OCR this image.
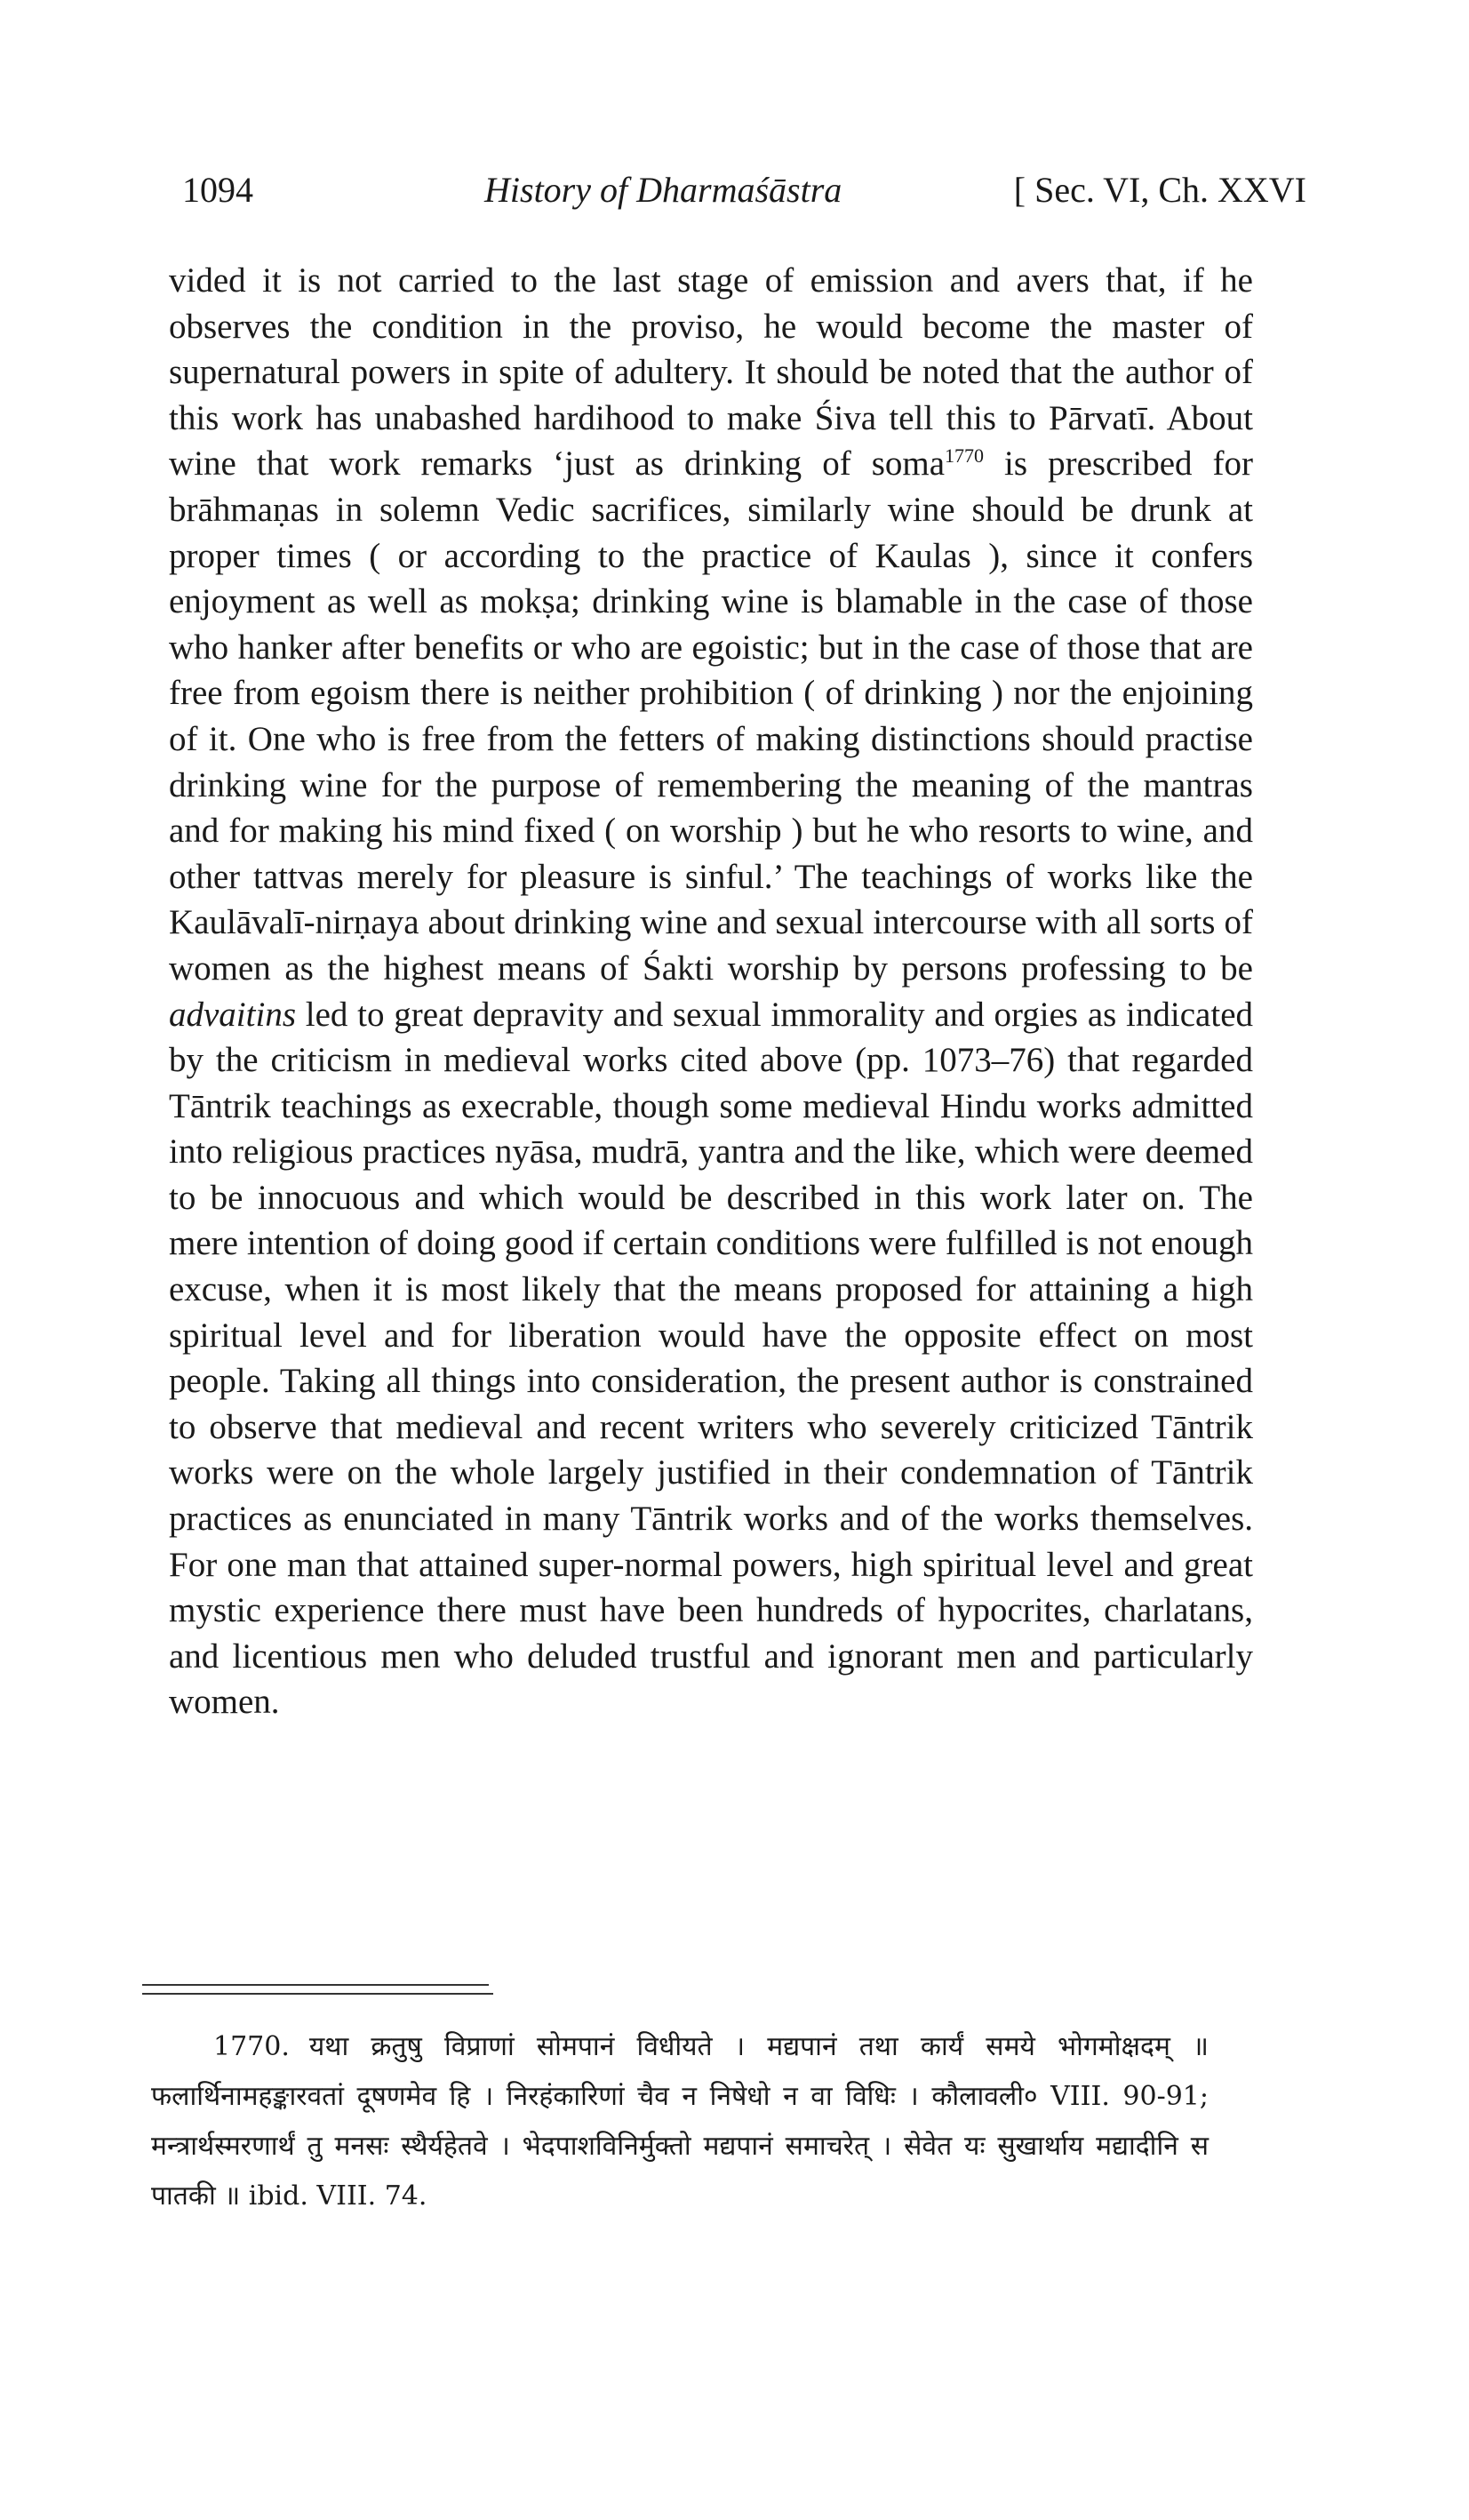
1094	History of Dharmaśāstra	[ Sec. VI, Ch. XXVI

vided it is not carried to the last stage of emission and avers that, if he observes the condition in the proviso, he would become the master of supernatural powers in spite of adultery. It should be noted that the author of this work has unabashed hardihood to make Śiva tell this to Pārvatī. About wine that work remarks ‘just as drinking of soma$^{1770}$ is prescribed for brāhmaṇas in solemn Vedic sacrifices, similarly wine should be drunk at proper times ( or according to the practice of Kaulas ), since it confers enjoyment as well as mokṣa; drinking wine is blamable in the case of those who hanker after benefits or who are egoistic; but in the case of those that are free from egoism there is neither prohibition ( of drinking ) nor the enjoining of it. One who is free from the fetters of making distinctions should practise drinking wine for the purpose of remembering the meaning of the mantras and for making his mind fixed ( on worship ) but he who resorts to wine, and other tattvas merely for pleasure is sinful.’ The teachings of works like the Kaulāvalī-nirṇaya about drinking wine and sexual intercourse with all sorts of women as the highest means of Śakti worship by persons professing to be advaitins led to great depravity and sexual immorality and orgies as indicated by the criticism in medieval works cited above (pp. 1073–76) that regarded Tāntrik teachings as execrable, though some medieval Hindu works admitted into religious practices nyāsa, mudrā, yantra and the like, which were deemed to be innocuous and which would be described in this work later on. The mere intention of doing good if certain conditions were fulfilled is not enough excuse, when it is most likely that the means proposed for attaining a high spiritual level and for liberation would have the opposite effect on most people. Taking all things into consideration, the present author is constrained to observe that medieval and recent writers who severely criticized Tāntrik works were on the whole largely justified in their condemnation of Tāntrik practices as enunciated in many Tāntrik works and of the works themselves. For one man that attained super-normal powers, high spiritual level and great mystic experience there must have been hundreds of hypocrites, charlatans, and licentious men who deluded trustful and ignorant men and particularly women.

1770. यथा क्रतुषु विप्राणां सोमपानं विधीयते । मद्यपानं तथा कार्यं समये भोगमोक्षदम् ॥ फलार्थिनामहङ्कारवतां दूषणमेव हि । निरहंकारिणां चैव न निषेधो न वा विधिः । कौलावली० VIII. 90-91; मन्त्रार्थस्मरणार्थं तु मनसः स्थैर्यहेतवे । भेदपाशविनिर्मुक्तो मद्यपानं समाचरेत् । सेवेत यः सुखार्थाय मद्यादीनि स पातकी ॥ ibid. VIII. 74.
